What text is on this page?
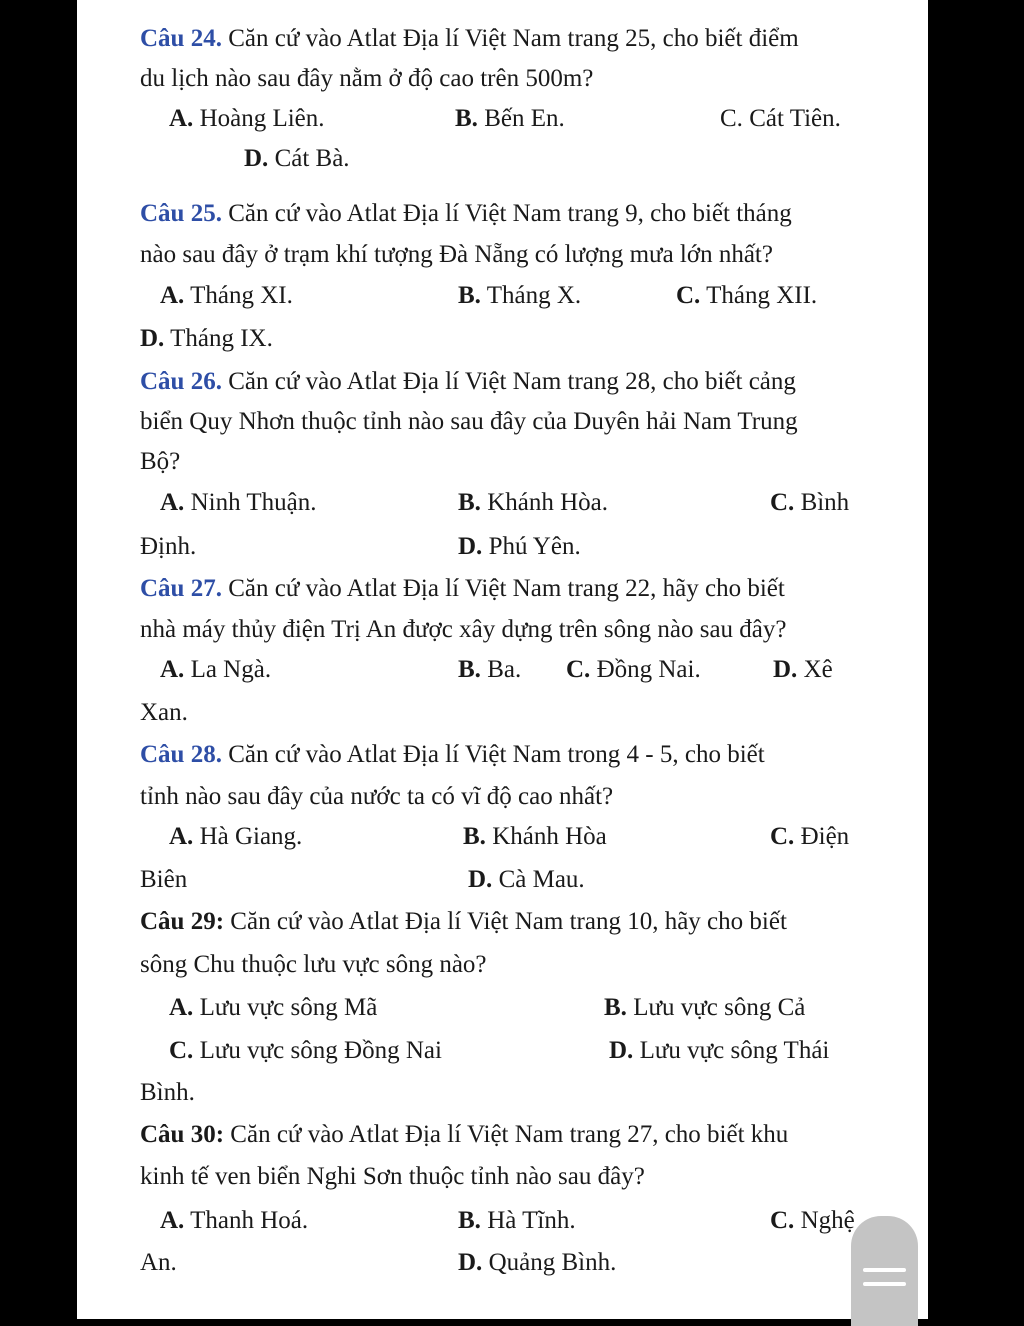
Câu 24. Căn cứ vào Atlat Địa lí Việt Nam trang 25, cho biết điểm
du lịch nào sau đây nằm ở độ cao trên 500m?
A. Hoàng Liên.	B. Bến En.	C. Cát Tiên.
D. Cát Bà.
Câu 25. Căn cứ vào Atlat Địa lí Việt Nam trang 9, cho biết tháng
nào sau đây ở trạm khí tượng Đà Nẵng có lượng mưa lớn nhất?
A. Tháng XI.	B. Tháng X.	C. Tháng XII.
D. Tháng IX.
Câu 26. Căn cứ vào Atlat Địa lí Việt Nam trang 28, cho biết cảng
biển Quy Nhơn thuộc tỉnh nào sau đây của Duyên hải Nam Trung
Bộ?
A. Ninh Thuận.	B. Khánh Hòa.	C. Bình
Định.	D. Phú Yên.
Câu 27. Căn cứ vào Atlat Địa lí Việt Nam trang 22, hãy cho biết
nhà máy thủy điện Trị An được xây dựng trên sông nào sau đây?
A. La Ngà.	B. Ba. C. Đồng Nai.	D. Xê
Xan.
Câu 28. Căn cứ vào Atlat Địa lí Việt Nam trong 4 - 5, cho biết
tỉnh nào sau đây của nước ta có vĩ độ cao nhất?
A. Hà Giang.	B. Khánh Hòa	C. Điện
Biên	D. Cà Mau.
Câu 29: Căn cứ vào Atlat Địa lí Việt Nam trang 10, hãy cho biết
sông Chu thuộc lưu vực sông nào?
A. Lưu vực sông Mã	B. Lưu vực sông Cả
C. Lưu vực sông Đồng Nai	D. Lưu vực sông Thái
Bình.
Câu 30: Căn cứ vào Atlat Địa lí Việt Nam trang 27, cho biết khu
kinh tế ven biển Nghi Sơn thuộc tỉnh nào sau đây?
A. Thanh Hoá.	B. Hà Tĩnh.	C. Nghệ
An.	D. Quảng Bình.
